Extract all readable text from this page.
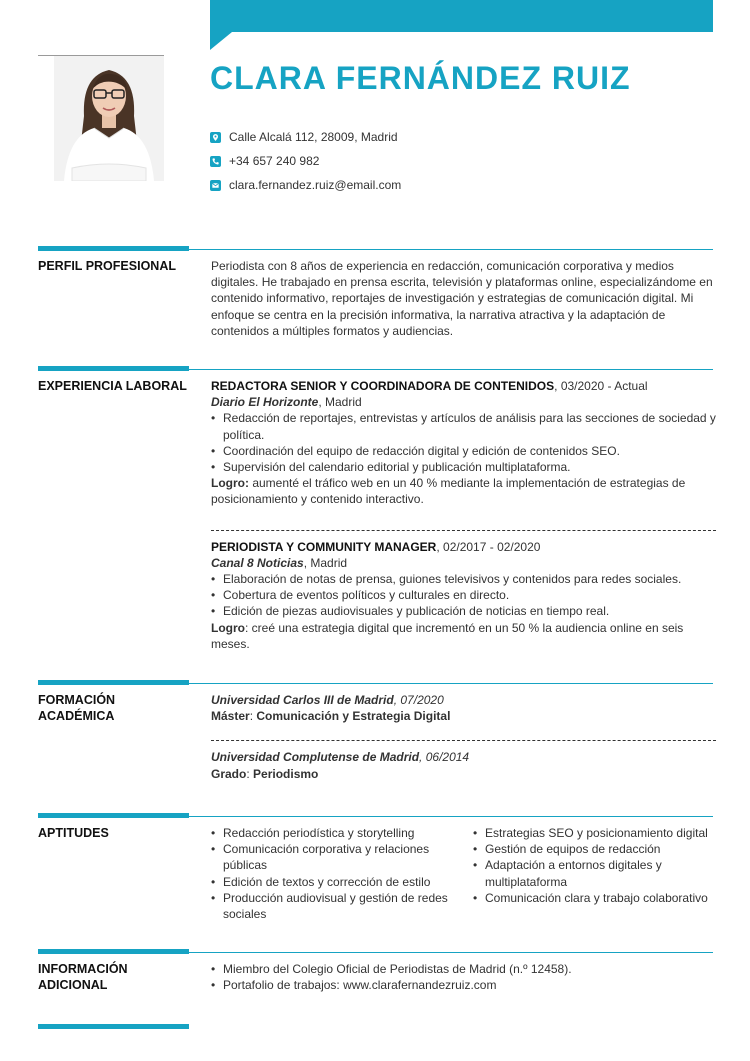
CLARA FERNÁNDEZ RUIZ
Calle Alcalá 112, 28009, Madrid
+34 657 240 982
clara.fernandez.ruiz@email.com
PERFIL PROFESIONAL	Periodista con 8 años de experiencia en redacción, comunicación corporativa y medios digitales. He trabajado en prensa escrita, televisión y plataformas online, especializándome en contenido informativo, reportajes de investigación y estrategias de comunicación digital. Mi enfoque se centra en la precisión informativa, la narrativa atractiva y la adaptación de contenidos a múltiples formatos y audiencias.

EXPERIENCIA LABORAL	REDACTORA SENIOR Y COORDINADORA DE CONTENIDOS, 03/2020 - Actual

Diario El Horizonte, Madrid

• Redacción de reportajes, entrevistas y artículos de análisis para las secciones de sociedad y política.
• Coordinación del equipo de redacción digital y edición de contenidos SEO.
• Supervisión del calendario editorial y publicación multiplataforma.

Logro: aumenté el tráfico web en un 40 % mediante la implementación de estrategias de posicionamiento y contenido interactivo.

PERIODISTA Y COMMUNITY MANAGER, 02/2017 - 02/2020

Canal 8 Noticias, Madrid

• Elaboración de notas de prensa, guiones televisivos y contenidos para redes sociales.
• Cobertura de eventos políticos y culturales en directo.
• Edición de piezas audiovisuales y publicación de noticias en tiempo real.

Logro: creé una estrategia digital que incrementó en un 50 % la audiencia online en seis meses.

FORMACIÓN ACADÉMICA

Universidad Carlos III de Madrid, 07/2020

Máster: Comunicación y Estrategia Digital

Universidad Complutense de Madrid, 06/2014

Grado: Periodismo

APTITUDES
•	Redacción periodística y storytelling
• Comunicación corporativa y relaciones públicas
• Edición de textos y corrección de estilo
• Producción audiovisual y gestión de redes sociales
• Estrategias SEO y posicionamiento digital
• Gestión de equipos de redacción
• Adaptación a entornos digitales y multiplataforma
• Comunicación clara y trabajo colaborativo
INFORMACIÓN ADICIONAL
• Miembro del Colegio Oficial de Periodistas de Madrid (n.º 12458).
• Portafolio de trabajos: www.clarafernandezruiz.com
